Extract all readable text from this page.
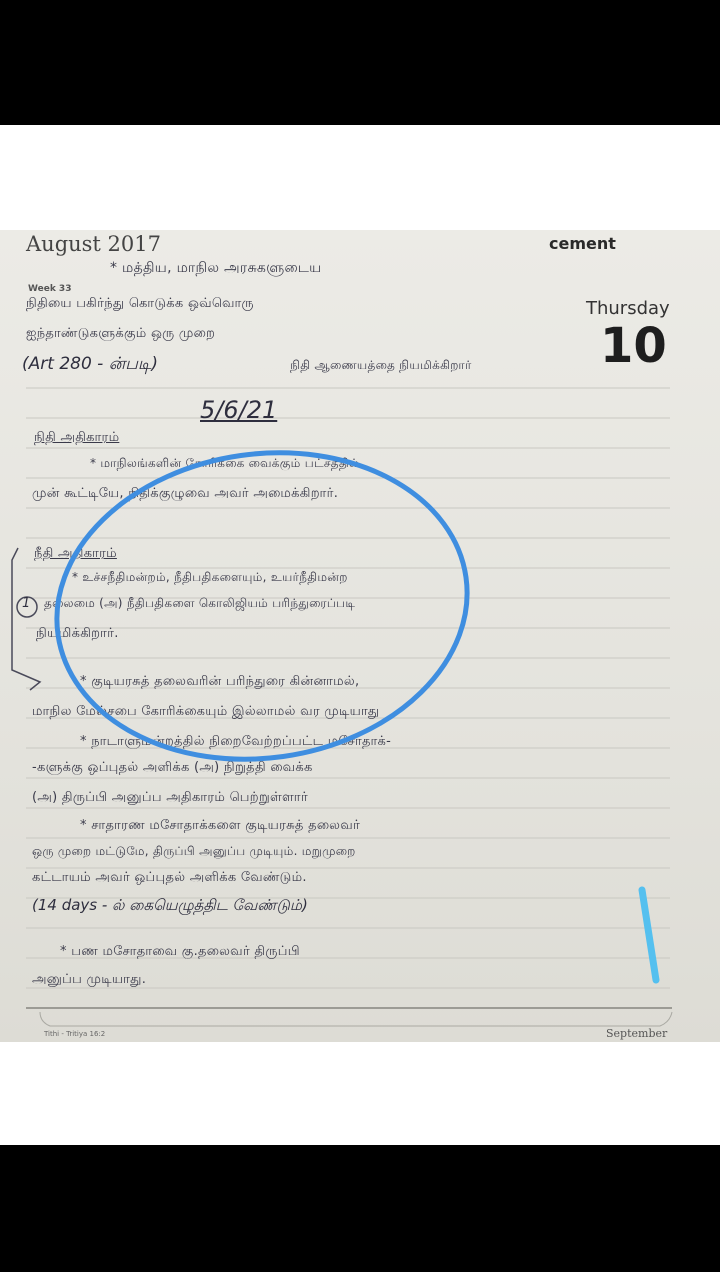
August 2017
Week 33
cement
Thursday
10
* மத்திய, மாநில அரசுகளுடைய
நிதியை பகிர்ந்து கொடுக்க ஒவ்வொரு
ஐந்தாண்டுகளுக்கும் ஒரு முறை
(Art 280 - ன்படி)	நிதி ஆணையத்தை நியமிக்கிறார்
5/6/21
நிதி அதிகாரம்
* மாநிலங்களின் கோரிக்கை வைக்கும் பட்சத்தில்
முன் கூட்டியே, நிதிக்குழுவை அவர் அமைக்கிறார்.
நீதி அதிகாரம்
1
* உச்சநீதிமன்றம், நீதிபதிகளையும், உயர்நீதிமன்ற
தலைமை (அ) நீதிபதிகளை கொலிஜியம் பரிந்துரைப்படி
நியமிக்கிறார்.
* குடியரசுத் தலைவரின் பரிந்துரை கின்னாமல்,
மாநில மேல்சபை கோரிக்கையும் இல்லாமல் வர முடியாது
* நாடாளுமன்றத்தில் நிறைவேற்றப்பட்ட மசோதாக்-
-களுக்கு ஒப்புதல் அளிக்க (அ) நிறுத்தி வைக்க
(அ) திருப்பி அனுப்ப அதிகாரம் பெற்றுள்ளார்
* சாதாரண மசோதாக்களை குடியரசுத் தலைவர்
ஒரு முறை மட்டுமே, திருப்பி அனுப்ப முடியும். மறுமுறை
கட்டாயம் அவர் ஒப்புதல் அளிக்க வேண்டும்.
(14 days - ல் கையெழுத்திட வேண்டும்)
* பண மசோதாவை கு.தலைவர் திருப்பி
அனுப்ப முடியாது.
Tithi - Tritiya 16:2	September
